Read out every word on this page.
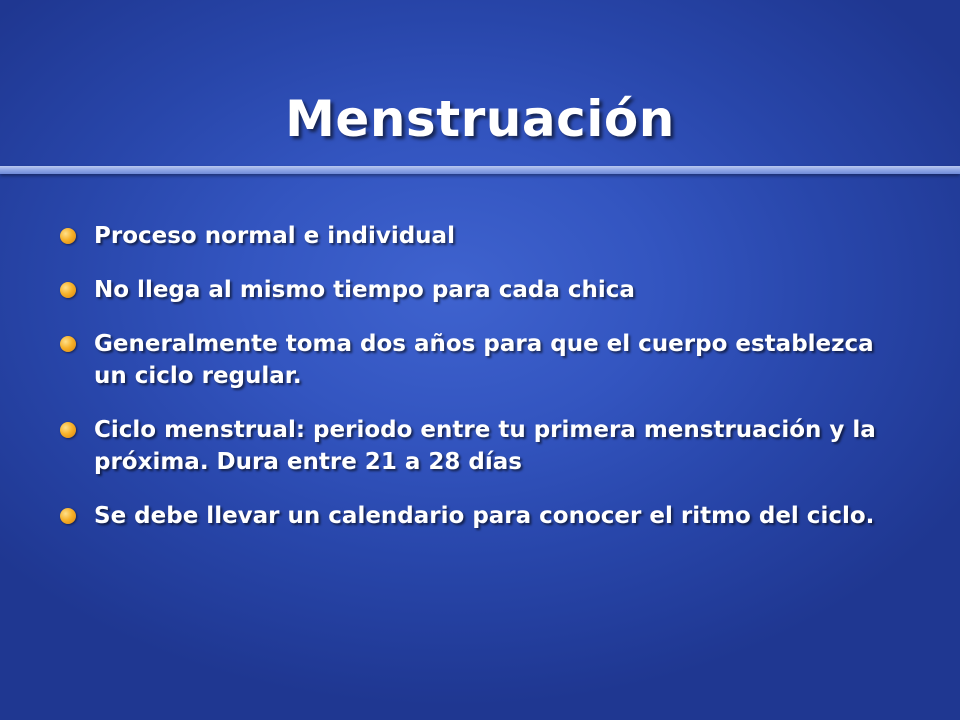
Menstruación
Proceso normal e individual
No llega al mismo tiempo para cada chica
Generalmente toma dos años para que el cuerpo establezca un ciclo regular.
Ciclo menstrual: periodo entre tu primera menstruación y la próxima. Dura entre 21 a 28 días
Se debe llevar un calendario para conocer el ritmo del ciclo.
